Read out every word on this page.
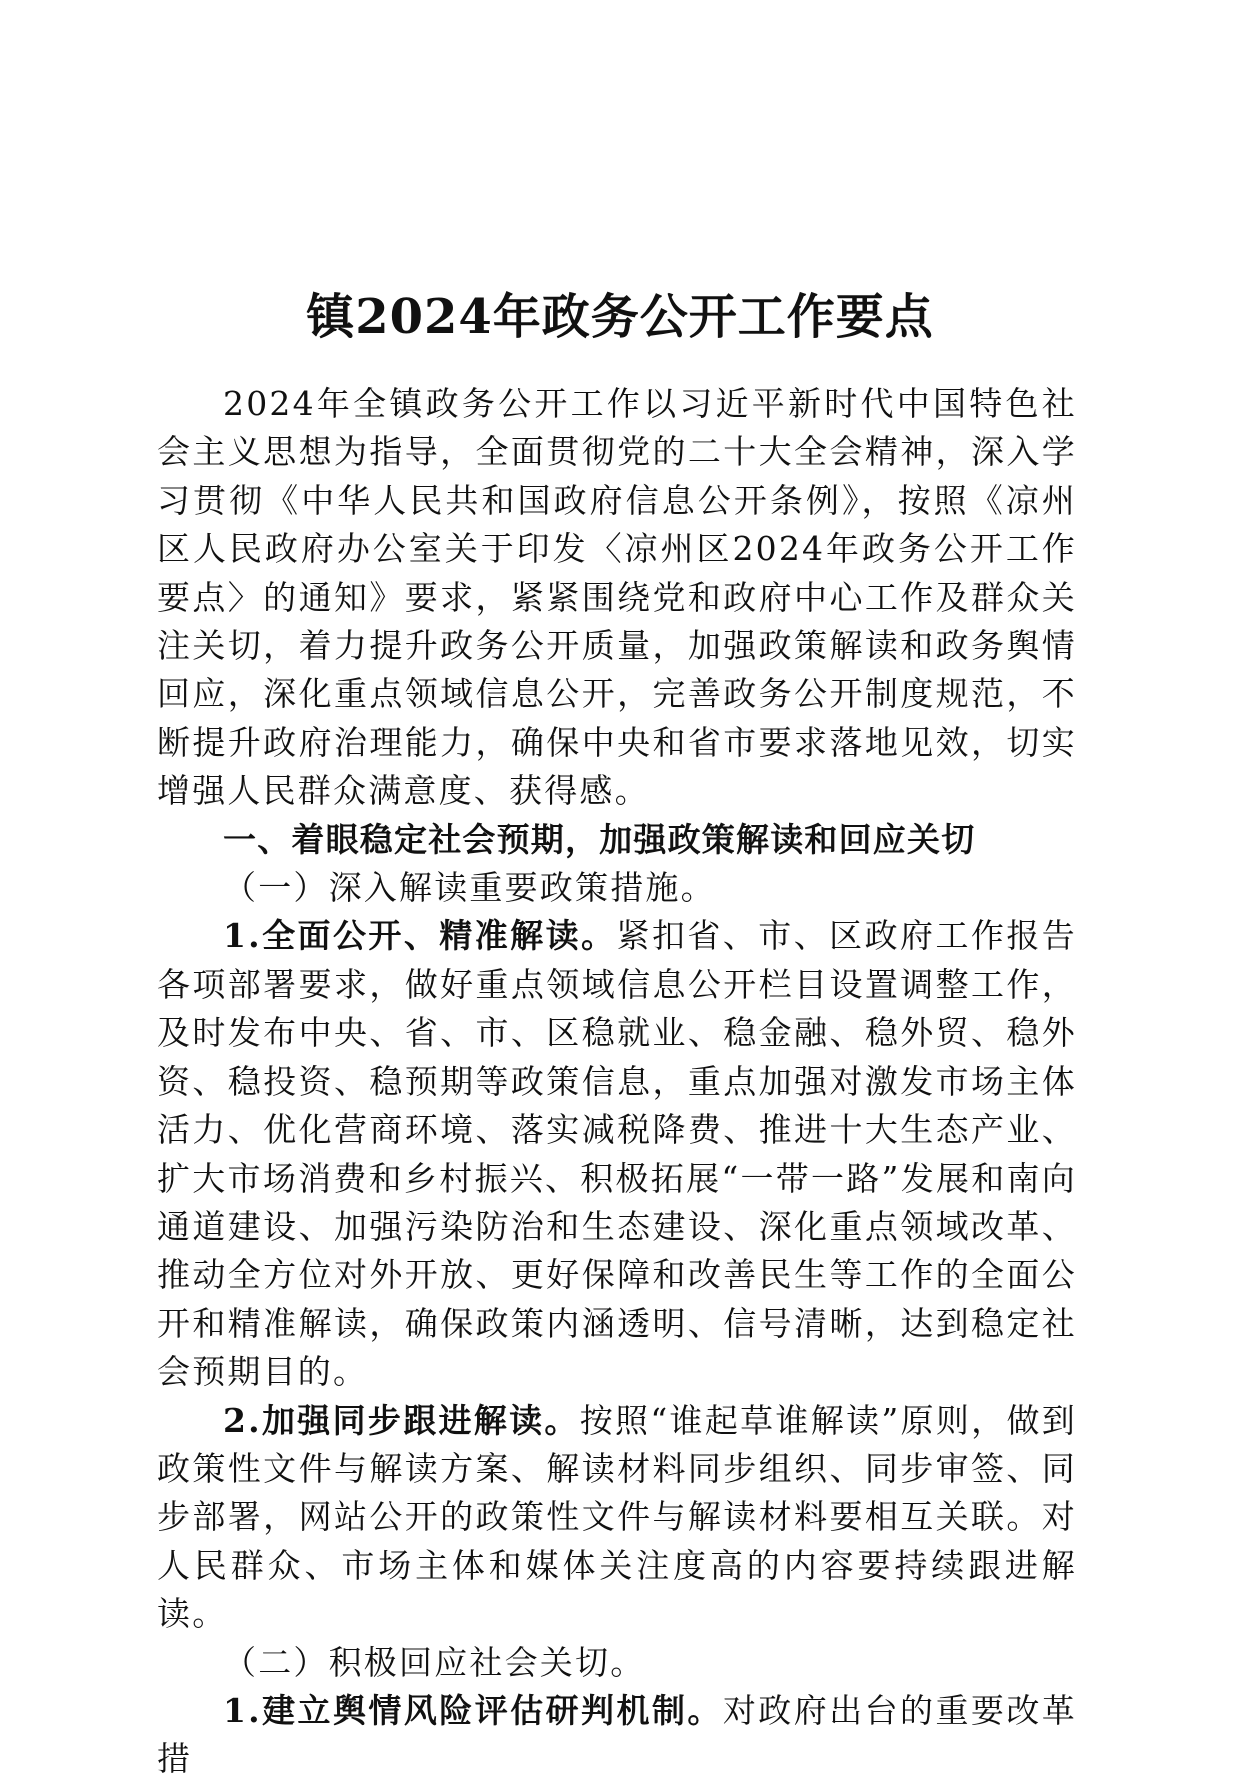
镇2024年政务公开工作要点

2024年全镇政务公开工作以习近平新时代中国特色社会主义思想为指导，全面贯彻党的二十大全会精神，深入学习贯彻《中华人民共和国政府信息公开条例》，按照《凉州区人民政府办公室关于印发〈凉州区2024年政务公开工作要点〉的通知》要求，紧紧围绕党和政府中心工作及群众关注关切，着力提升政务公开质量，加强政策解读和政务舆情回应，深化重点领域信息公开，完善政务公开制度规范，不断提升政府治理能力，确保中央和省市要求落地见效，切实增强人民群众满意度、获得感。

一、着眼稳定社会预期，加强政策解读和回应关切

（一）深入解读重要政策措施。

1.全面公开、精准解读。紧扣省、市、区政府工作报告各项部署要求，做好重点领域信息公开栏目设置调整工作，及时发布中央、省、市、区稳就业、稳金融、稳外贸、稳外资、稳投资、稳预期等政策信息，重点加强对激发市场主体活力、优化营商环境、落实减税降费、推进十大生态产业、扩大市场消费和乡村振兴、积极拓展“一带一路”发展和南向通道建设、加强污染防治和生态建设、深化重点领域改革、推动全方位对外开放、更好保障和改善民生等工作的全面公开和精准解读，确保政策内涵透明、信号清晰，达到稳定社会预期目的。

2.加强同步跟进解读。按照“谁起草谁解读”原则，做到政策性文件与解读方案、解读材料同步组织、同步审签、同步部署，网站公开的政策性文件与解读材料要相互关联。对人民群众、市场主体和媒体关注度高的内容要持续跟进解读。

（二）积极回应社会关切。

1.建立舆情风险评估研判机制。对政府出台的重要改革措
